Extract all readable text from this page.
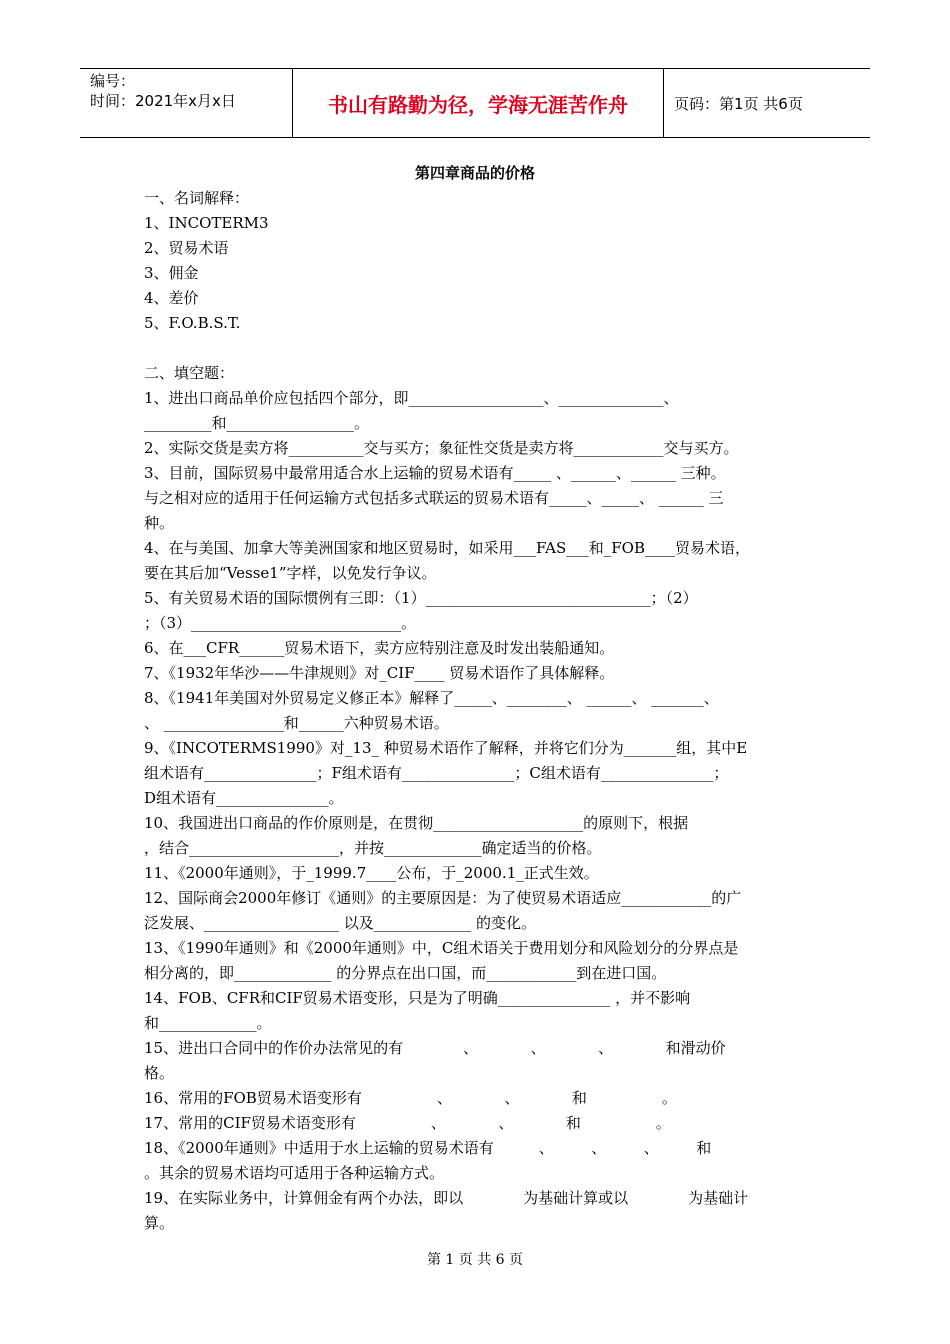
编号：
时间：2021年x月x日	书山有路勤为径，学海无涯苦作舟	页码：第1页 共6页
第四章商品的价格

一、名词解释：

1、INCOTERM3

2、贸易术语

3、佣金

4、差价

5、F.O.B.S.T.

二、填空题：

1、进出口商品单价应包括四个部分，即__________________、______________、

_________和_________________。

2、实际交货是卖方将__________交与买方；象征性交货是卖方将____________交与买方。

3、目前，国际贸易中最常用适合水上运输的贸易术语有_____ 、______、______ 三种。

与之相对应的适用于任何运输方式包括多式联运的贸易术语有_____、_____、 ______ 三

种。

4、在与美国、加拿大等美洲国家和地区贸易时，如采用___FAS___和_FOB____贸易术语，

要在其后加“Vesse1”字样，以免发行争议。

5、有关贸易术语的国际惯例有三即：（1）______________________________；（2）

；（3）____________________________。

6、在___CFR______贸易术语下，卖方应特别注意及时发出装船通知。

7、《1932年华沙——牛津规则》对_CIF____ 贸易术语作了具体解释。

8、《1941年美国对外贸易定义修正本》解释了_____、________、 ______、 _______、

、 ________________和______六种贸易术语。

9、《INCOTERMS1990》对_13_ 种贸易术语作了解释，并将它们分为_______组，其中E

组术语有_______________；F组术语有_______________；C组术语有_______________；

D组术语有_______________。

10、我国进出口商品的作价原则是，在贯彻____________________的原则下，根据

，结合____________________，并按_____________确定适当的价格。

11、《2000年通则》，于_1999.7____公布，于_2000.1_正式生效。

12、国际商会2000年修订《通则》的主要原因是：为了使贸易术语适应____________的广

泛发展、__________________ 以及_____________ 的变化。

13、《1990年通则》和《2000年通则》中，C组术语关于费用划分和风险划分的分界点是

相分离的，即_____________ 的分界点在出口国，而____________到在进口国。

14、FOB、CFR和CIF贸易术语变形，只是为了明确_______________ ，并不影响

和_____________。

15、进出口合同中的作价办法常见的有　　　　、　　　　、　　　　、　　　　和滑动价

格。

16、常用的FOB贸易术语变形有　　　　　、　　　　、　　　　和　　　　　。

17、常用的CIF贸易术语变形有　　　　　、　　　　、　　　　和　　　　　。

18、《2000年通则》中适用于水上运输的贸易术语有　　　、　　　、　　　、　　　和

。其余的贸易术语均可适用于各种运输方式。

19、在实际业务中，计算佣金有两个办法，即以　　　　为基础计算或以　　　　为基础计

算。

第 1 页 共 6 页
